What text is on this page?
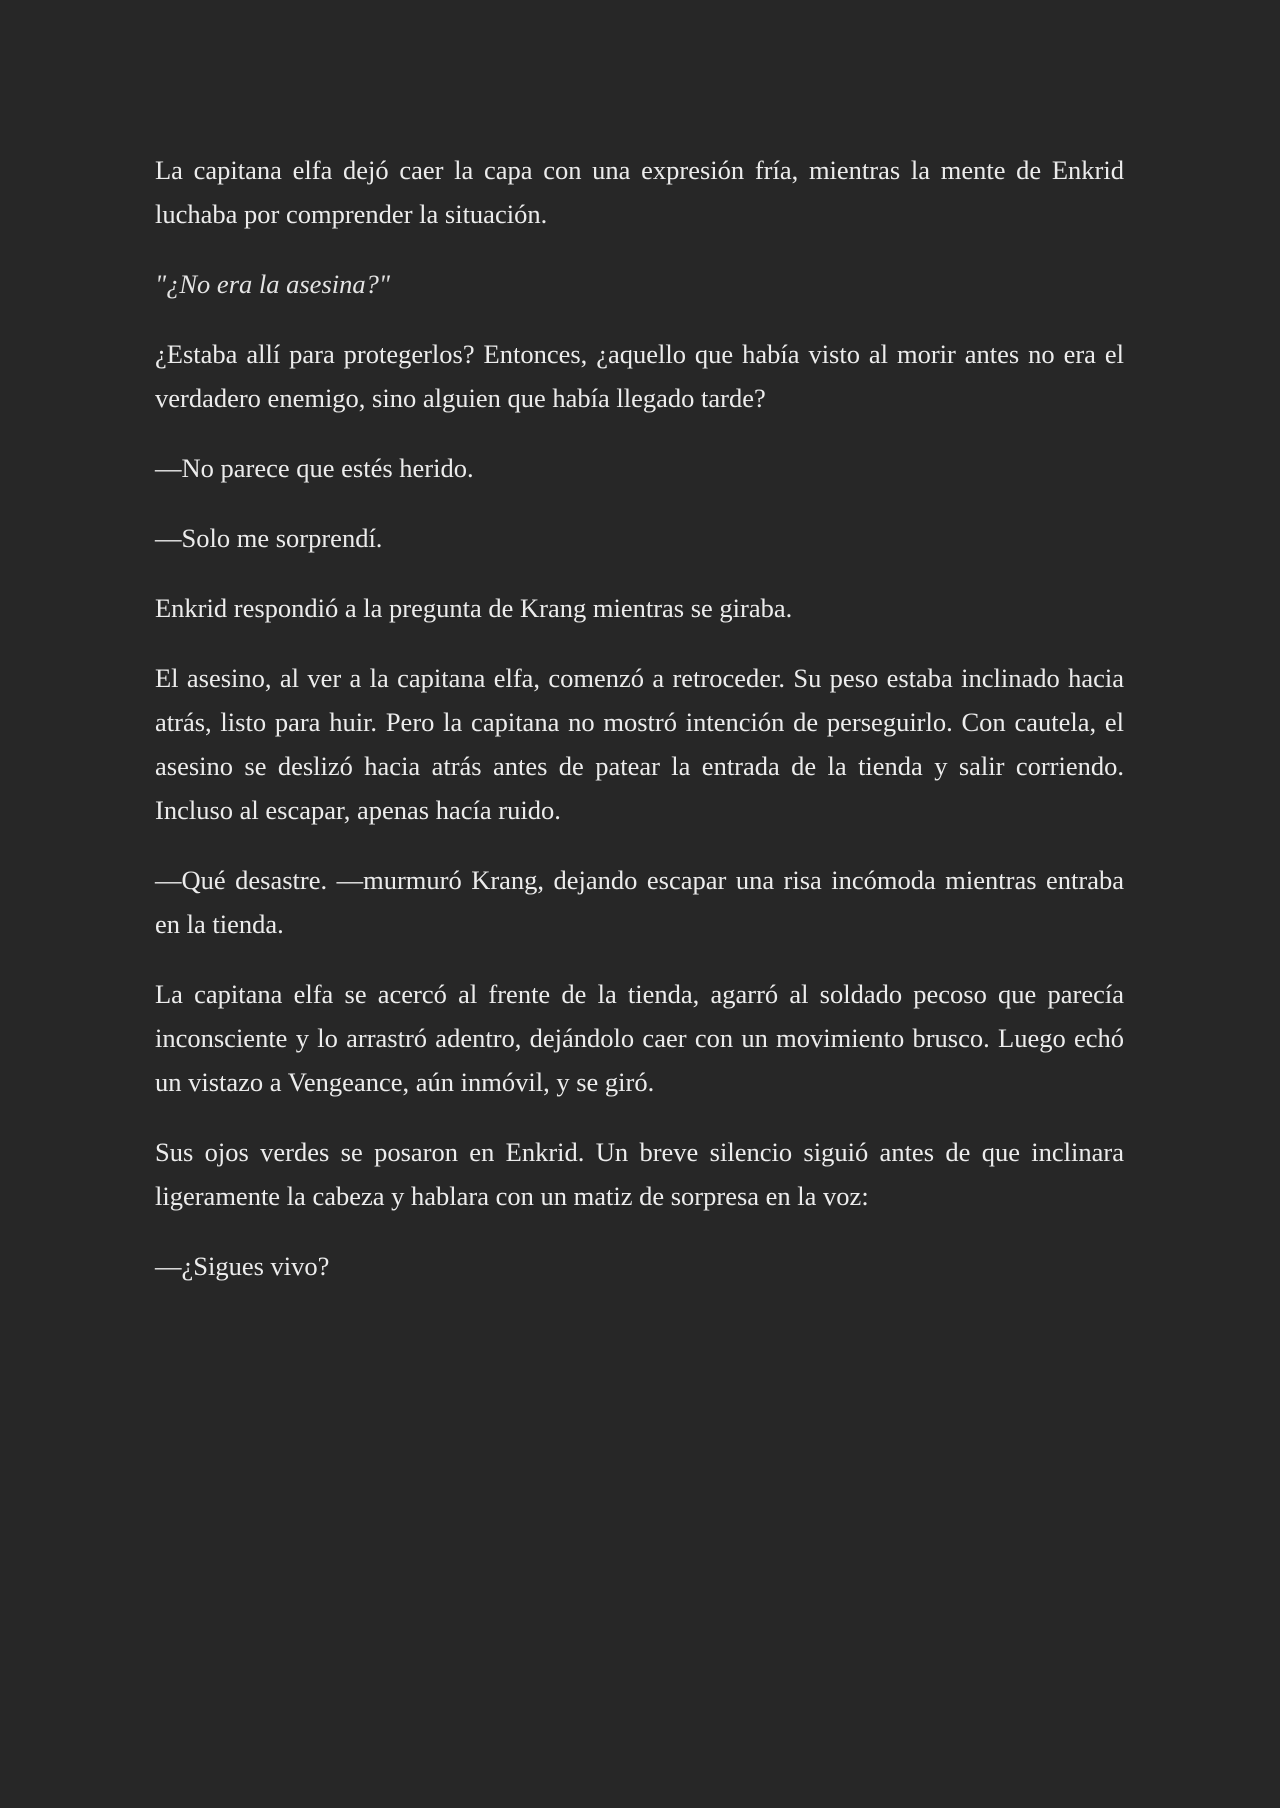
La capitana elfa dejó caer la capa con una expresión fría, mientras la mente de Enkrid luchaba por comprender la situación.

"¿No era la asesina?"

¿Estaba allí para protegerlos? Entonces, ¿aquello que había visto al morir antes no era el verdadero enemigo, sino alguien que había llegado tarde?

—No parece que estés herido.

—Solo me sorprendí.

Enkrid respondió a la pregunta de Krang mientras se giraba.

El asesino, al ver a la capitana elfa, comenzó a retroceder. Su peso estaba inclinado hacia atrás, listo para huir. Pero la capitana no mostró intención de perseguirlo. Con cautela, el asesino se deslizó hacia atrás antes de patear la entrada de la tienda y salir corriendo. Incluso al escapar, apenas hacía ruido.

—Qué desastre. —murmuró Krang, dejando escapar una risa incómoda mientras entraba en la tienda.

La capitana elfa se acercó al frente de la tienda, agarró al soldado pecoso que parecía inconsciente y lo arrastró adentro, dejándolo caer con un movimiento brusco. Luego echó un vistazo a Vengeance, aún inmóvil, y se giró.

Sus ojos verdes se posaron en Enkrid. Un breve silencio siguió antes de que inclinara ligeramente la cabeza y hablara con un matiz de sorpresa en la voz:

—¿Sigues vivo?
